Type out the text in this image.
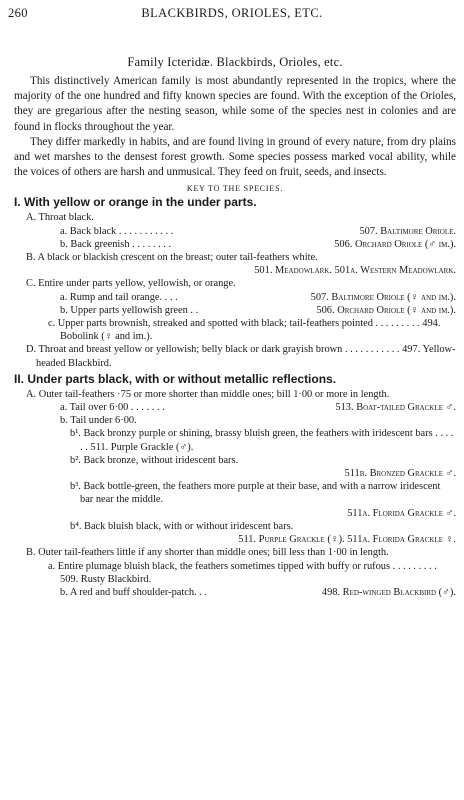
260	BLACKBIRDS, ORIOLES, ETC.
Family Icteridæ. Blackbirds, Orioles, etc.

This distinctively American family is most abundantly represented in the tropics, where the majority of the one hundred and fifty known species are found. With the exception of the Orioles, they are gregarious after the nesting season, while some of the species nest in colonies and are found in flocks throughout the year.

They differ markedly in habits, and are found living in ground of every nature, from dry plains and wet marshes to the densest forest growth. Some species possess marked vocal ability, while the voices of others are harsh and unmusical. They feed on fruit, seeds, and insects.

KEY TO THE SPECIES.
I. With yellow or orange in the under parts.
A. Throat black.
a. Back black . . . . . . . . . . .	507. Baltimore Oriole.
b. Back greenish . . . . . . . .	506. Orchard Oriole (♂ im.).
B. A black or blackish crescent on the breast; outer tail-feathers white.
501. Meadowlark. 501a. Western Meadowlark.
C. Entire under parts yellow, yellowish, or orange.
a. Rump and tail orange. . . .	507. Baltimore Oriole (♀ and im.).
b. Upper parts yellowish green . .	506. Orchard Oriole (♀ and im.).
c. Upper parts brownish, streaked and spotted with black; tail-feathers pointed . . . . . . . . . 494. Bobolink (♀ and im.).
D. Throat and breast yellow or yellowish; belly black or dark grayish brown . . . . . . . . . . . 497. Yellow-headed Blackbird.
II. Under parts black, with or without metallic reflections.
A. Outer tail-feathers ·75 or more shorter than middle ones; bill 1·00 or more in length.
a. Tail over 6·00 . . . . . . .	513. Boat-tailed Grackle ♂.
b. Tail under 6·00.
b¹. Back bronzy purple or shining, brassy bluish green, the feathers with iridescent bars . . . . . . 511. Purple Grackle (♂).
b². Back bronze, without iridescent bars.
511b. Bronzed Grackle ♂.
b³. Back bottle-green, the feathers more purple at their base, and with a narrow iridescent bar near the middle.
511a. Florida Grackle ♂.
b⁴. Back bluish black, with or without iridescent bars.
511. Purple Grackle (♀). 511a. Florida Grackle ♀.
B. Outer tail-feathers little if any shorter than middle ones; bill less than 1·00 in length.
a. Entire plumage bluish black, the feathers sometimes tipped with buffy or rufous . . . . . . . . . 509. Rusty Blackbird.
b. A red and buff shoulder-patch. . .	498. Red-winged Blackbird (♂).
